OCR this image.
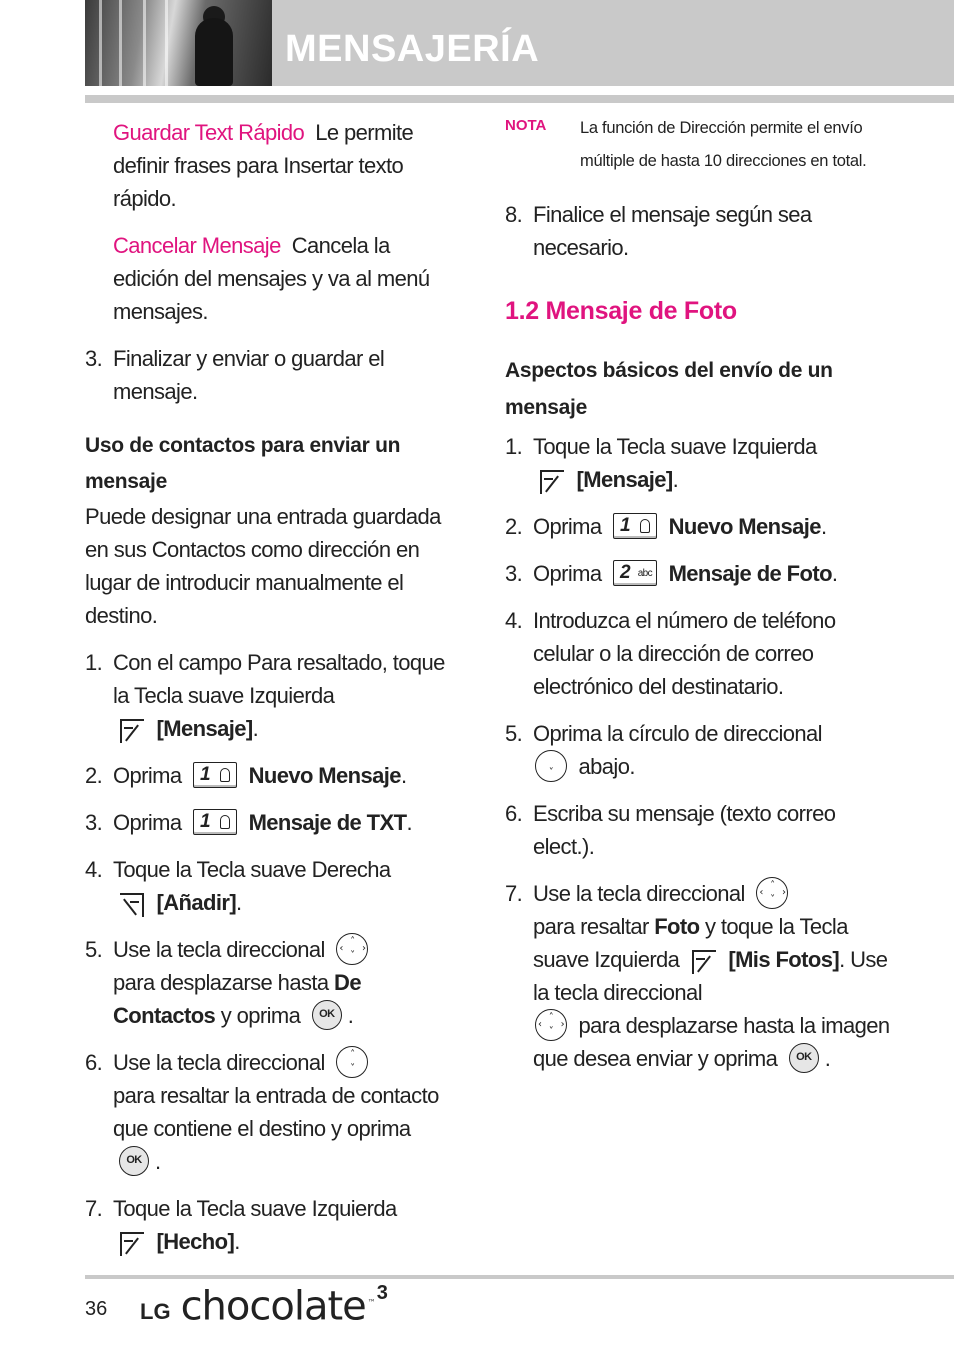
MENSAJERÍA
Guardar Text Rápido Le permite definir frases para Insertar texto rápido.
Cancelar Mensaje Cancela la edición del mensajes y va al menú mensajes.
3. Finalizar y enviar o guardar el mensaje.
Uso de contactos para enviar un
mensaje
Puede designar una entrada guardada en sus Contactos como dirección en lugar de introducir manualmente el destino.
1. Con el campo Para resaltado, toque la Tecla suave Izquierda

[Mensaje].
2. Oprima 1 Nuevo Mensaje.
3. Oprima 1 Mensaje de TXT.
4. Toque la Tecla suave Derecha

[Añadir].
5. Use la tecla direccional	˄
˅
‹ ›

para desplazarse hasta De Contactos y oprima	OK .
6. Use la tecla direccional	˄
˅

para resaltar la entrada de contacto que contiene el destino y oprima
OK .
7. Toque la Tecla suave Izquierda

[Hecho].
NOTA	La función de Dirección permite el envío múltiple de hasta 10 direcciones en total.
8. Finalice el mensaje según sea necesario.
1.2 Mensaje de Foto
Aspectos básicos del envío de un
mensaje
1. Toque la Tecla suave Izquierda

[Mensaje].
2. Oprima 1 Nuevo Mensaje.
3. Oprima 2 abc Mensaje de Foto.
4. Introduzca el número de teléfono celular o la dirección de correo electrónico del destinatario.
5. Oprima la círculo de direccional

˅	abajo.
6. Escriba su mensaje (texto correo elect.).
7. Use la tecla direccional	˄
˅
‹ ›

para resaltar Foto y toque la Tecla suave Izquierda [Mis Fotos]. Use la tecla direccional

˄
˅
‹ › para desplazarse hasta la imagen que desea enviar y oprima	OK .
36 LG chocolate ™ 3
